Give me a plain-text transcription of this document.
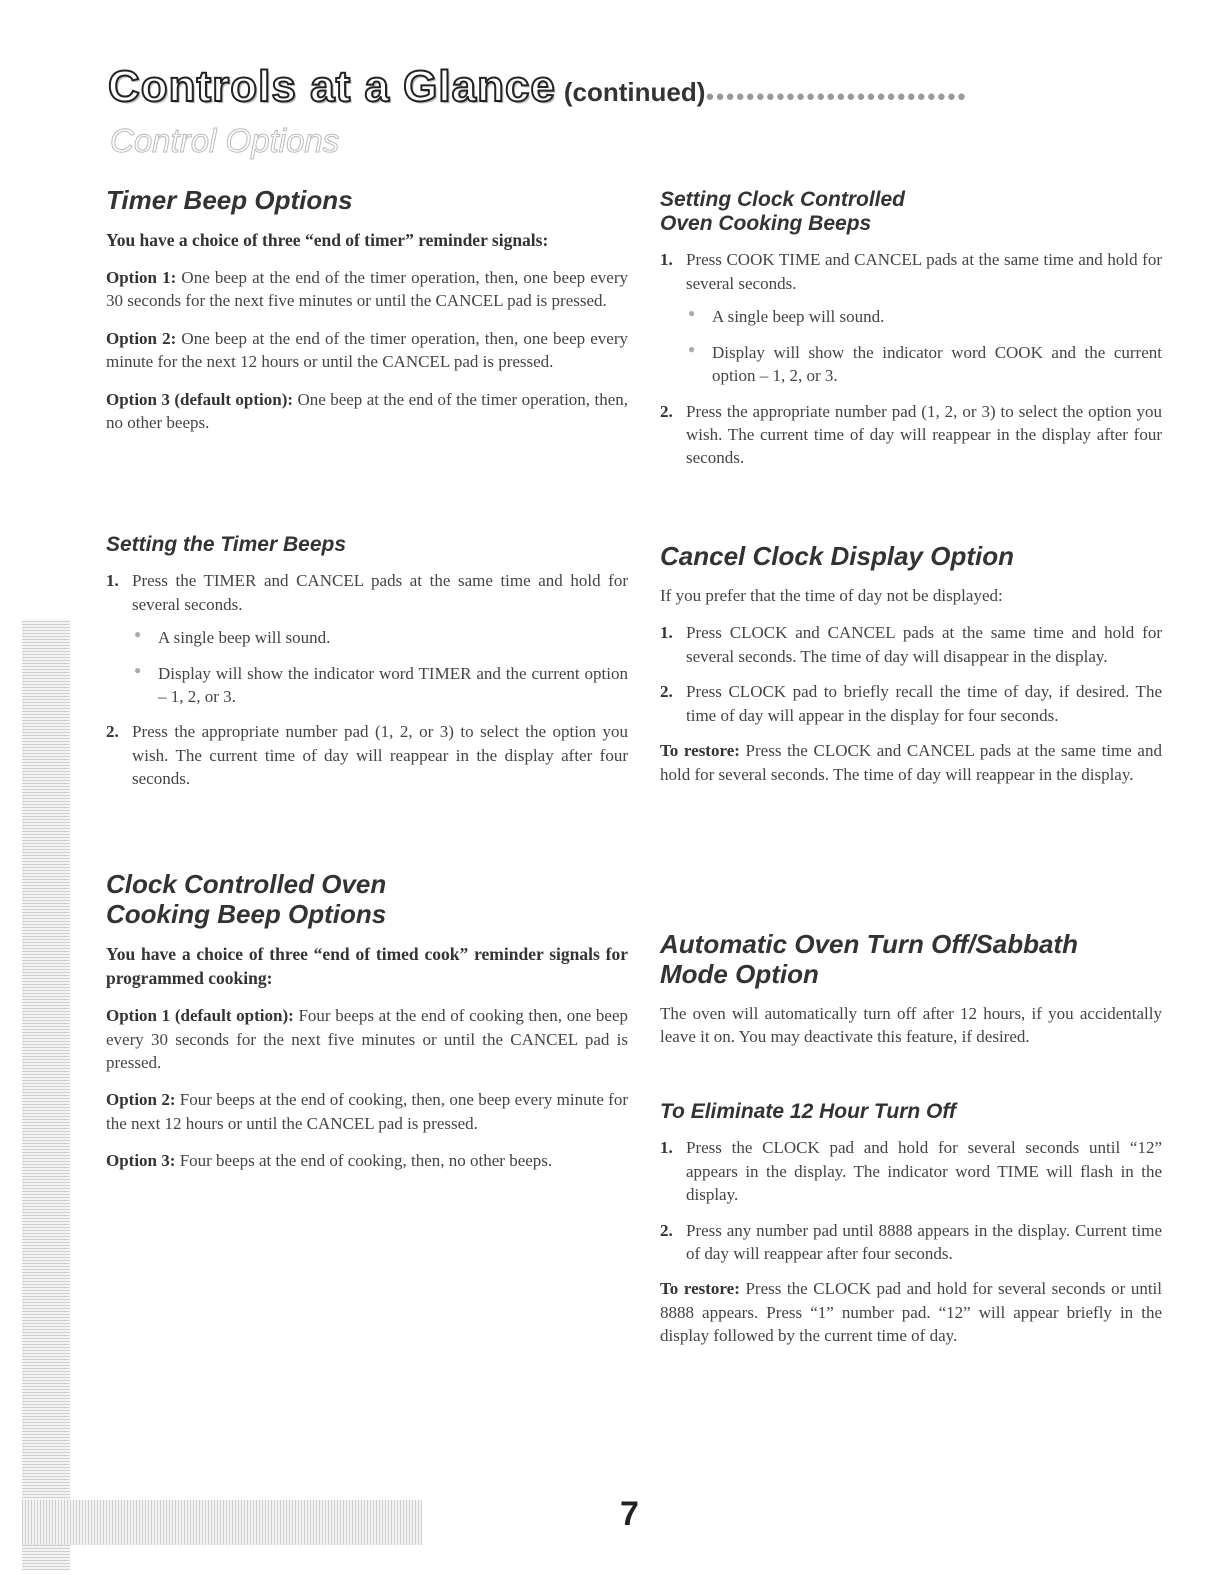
Controls at a Glance (continued)●●●●●●●●●●●●●●●●●●●●●●●●●●
Control Options
Timer Beep Options

You have a choice of three “end of timer” reminder signals:

Option 1: One beep at the end of the timer operation, then, one beep every 30 seconds for the next five minutes or until the CANCEL pad is pressed.

Option 2: One beep at the end of the timer operation, then, one beep every minute for the next 12 hours or until the CANCEL pad is pressed.

Option 3 (default option): One beep at the end of the timer operation, then, no other beeps.

Setting the Timer Beeps
1. Press the TIMER and CANCEL pads at the same time and hold for several seconds.
● A single beep will sound.
● Display will show the indicator word TIMER and the current option – 1, 2, or 3.
2. Press the appropriate number pad (1, 2, or 3) to select the option you wish. The current time of day will reappear in the display after four seconds.
Clock Controlled Oven
Cooking Beep Options

You have a choice of three “end of timed cook” reminder signals for programmed cooking:

Option 1 (default option): Four beeps at the end of cooking then, one beep every 30 seconds for the next five minutes or until the CANCEL pad is pressed.

Option 2: Four beeps at the end of cooking, then, one beep every minute for the next 12 hours or until the CANCEL pad is pressed.

Option 3: Four beeps at the end of cooking, then, no other beeps.

Setting Clock Controlled
Oven Cooking Beeps
1. Press COOK TIME and CANCEL pads at the same time and hold for several seconds.
● A single beep will sound.
● Display will show the indicator word COOK and the current option – 1, 2, or 3.
2. Press the appropriate number pad (1, 2, or 3) to select the option you wish. The current time of day will reappear in the display after four seconds.
Cancel Clock Display Option

If you prefer that the time of day not be displayed:

1. Press CLOCK and CANCEL pads at the same time and hold for several seconds. The time of day will disappear in the display.
2. Press CLOCK pad to briefly recall the time of day, if desired. The time of day will appear in the display for four seconds.

To restore: Press the CLOCK and CANCEL pads at the same time and hold for several seconds. The time of day will reappear in the display.

Automatic Oven Turn Off/Sabbath
Mode Option

The oven will automatically turn off after 12 hours, if you accidentally leave it on. You may deactivate this feature, if desired.

To Eliminate 12 Hour Turn Off
1. Press the CLOCK pad and hold for several seconds until “12” appears in the display. The indicator word TIME will flash in the display.
2. Press any number pad until 8888 appears in the display. Current time of day will reappear after four seconds.

To restore: Press the CLOCK pad and hold for several seconds or until 8888 appears. Press “1” number pad. “12” will appear briefly in the display followed by the current time of day.

7
